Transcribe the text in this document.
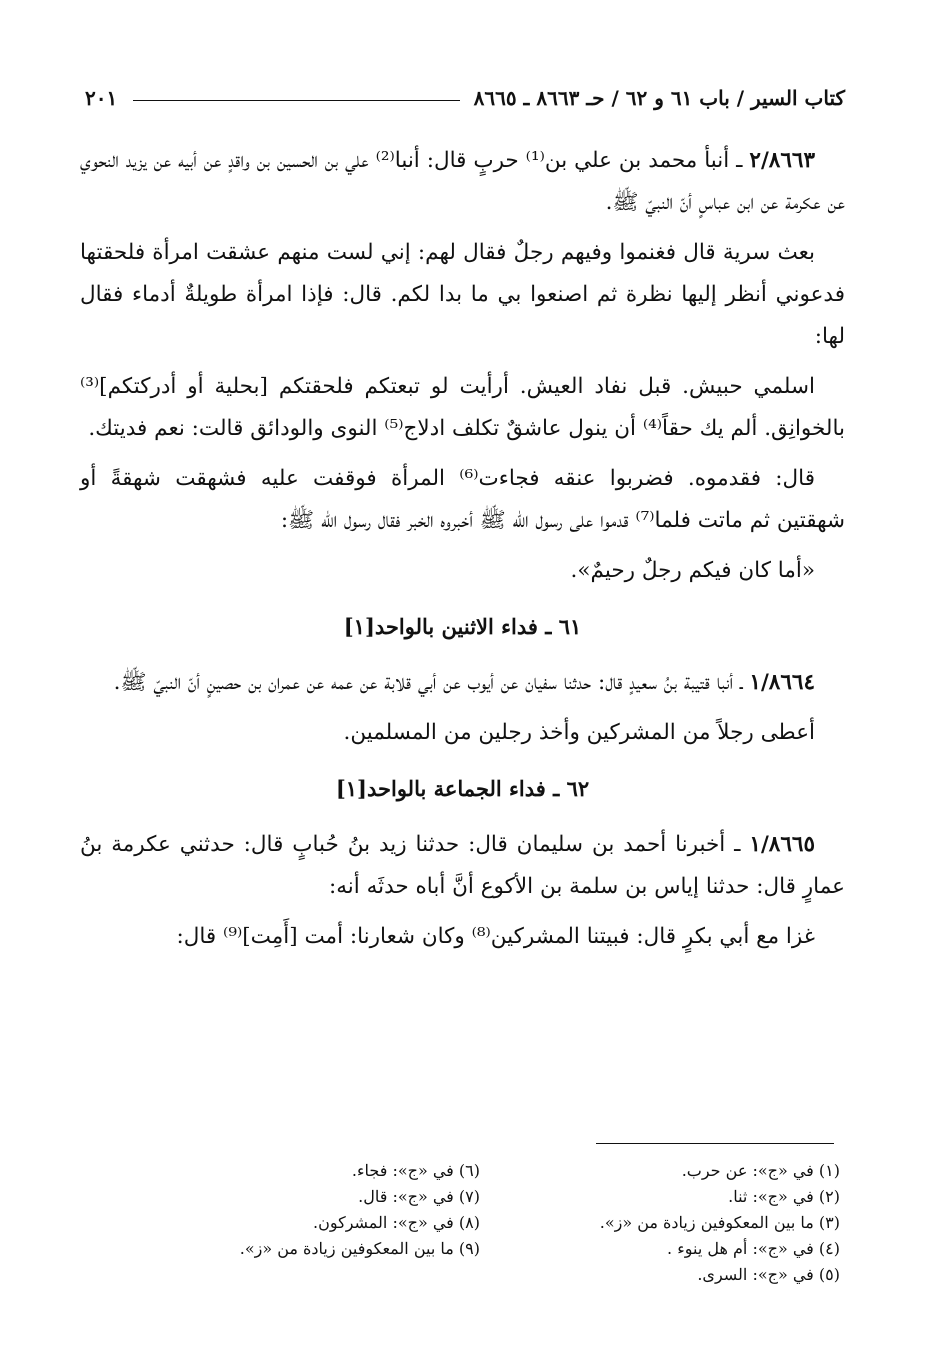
كتاب السير / باب ٦١ و ٦٢ / حـ ٨٦٦٣ ـ ٨٦٦٥
٢٠١

٢/٨٦٦٣ ـ أنبأ محمد بن علي بن⁽¹⁾ حربٍ قال: أنبا⁽²⁾ علي بن الحسين بن واقدٍ عن أبيه عن يزيد النحوي عن عكرمة عن ابن عباسٍ أنّ النبيّ ﷺ.

بعث سرية قال فغنموا وفيهم رجلٌ فقال لهم: إني لست منهم عشقت امرأة فلحقتها فدعوني أنظر إليها نظرة ثم اصنعوا بي ما بدا لكم. قال: فإذا امرأة طويلةٌ أدماء فقال لها:

اسلمي حبيش. قبل نفاد العيش. أرأيت لو تبعتكم فلحقتكم [بحلية أو أدركتكم]⁽³⁾ بالخوانِق. ألم يك حقاً⁽⁴⁾ أن ينول عاشقٌ تكلف ادلاج⁽⁵⁾ النوى والودائق قالت: نعم فديتك.

قال: فقدموه. فضربوا عنقه فجاءت⁽⁶⁾ المرأة فوقفت عليه فشهقت شهقةً أو شهقتين ثم ماتت فلما⁽⁷⁾ قدموا على رسول الله ﷺ أخبروه الخبر فقال رسول الله ﷺ:

«أما كان فيكم رجلٌ رحيمٌ».

٦١ ـ فداء الاثنين بالواحد[١]

١/٨٦٦٤ ـ أنبا قتيبة بنُ سعيدٍ قال: حدثنا سفيان عن أيوب عن أبي قلابة عن عمه عن عمران بن حصينٍ أنّ النبيّ ﷺ.

أعطى رجلاً من المشركين وأخذ رجلين من المسلمين.

٦٢ ـ فداء الجماعة بالواحد[١]

١/٨٦٦٥ ـ أخبرنا أحمد بن سليمان قال: حدثنا زيد بنُ حُبابٍ قال: حدثني عكرمة بنُ عمارٍ قال: حدثنا إياس بن سلمة بن الأكوع أنَّ أباه حدثَه أنه:

غزا مع أبي بكرٍ قال: فبيتنا المشركين⁽⁸⁾ وكان شعارنا: أمت [أَمِت]⁽⁹⁾ قال:

(١) في «ج»: عن حرب.
(٢) في «ج»: ثنا.
(٣) ما بين المعكوفين زيادة من «ز».
(٤) في «ج»: أم هل ينوء .
(٥) في «ج»: السرى.
(٦) في «ج»: فجاء.
(٧) في «ج»: قال.
(٨) في «ج»: المشركون.
(٩) ما بين المعكوفين زيادة من «ز».
